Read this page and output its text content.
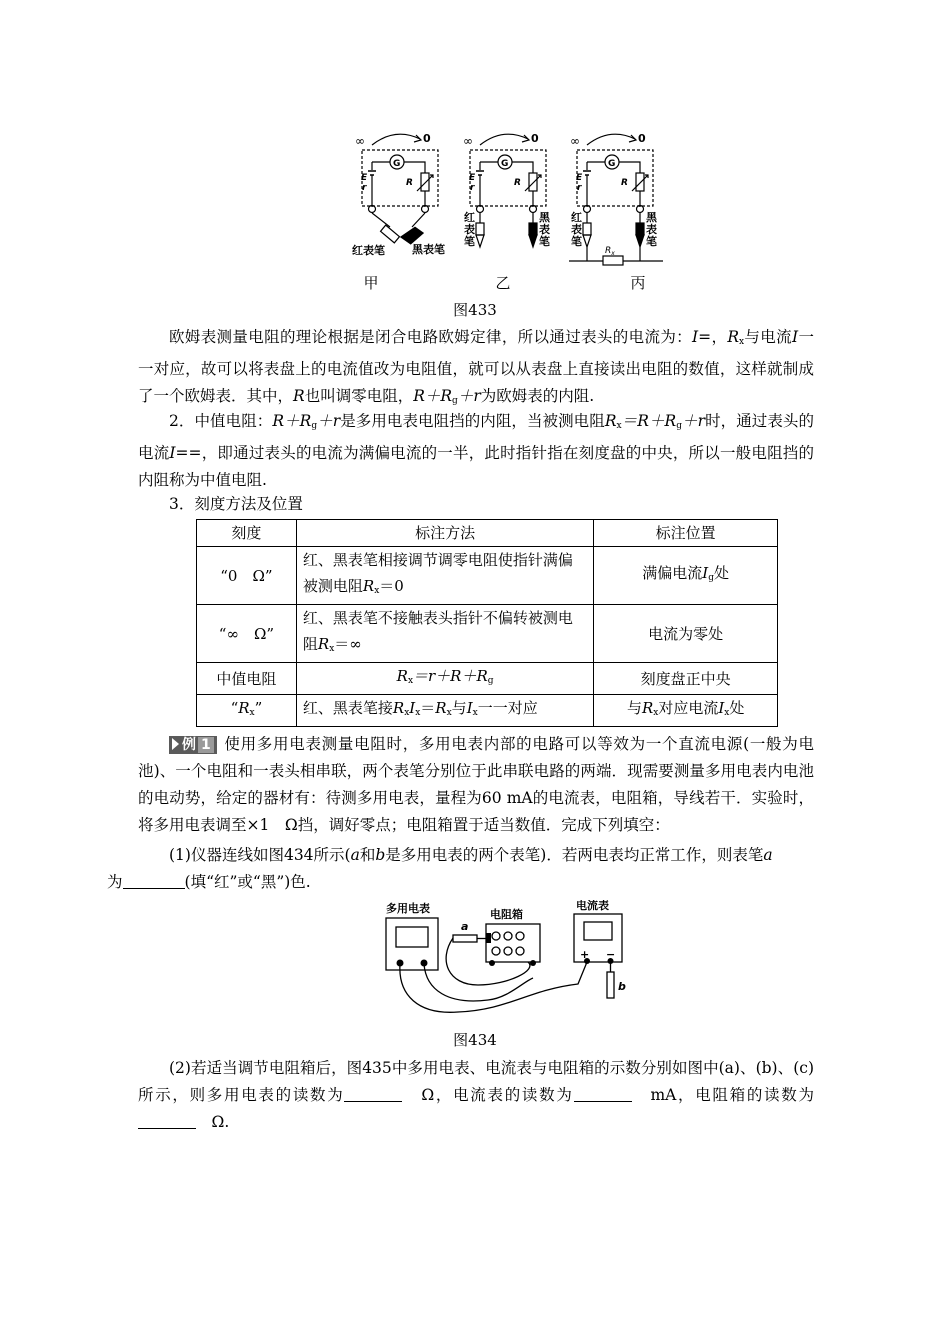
∞	0
G
E
r	R
红表笔 黑表笔
∞	0
G
E
r	R
红
表
笔
黑
表
笔
∞	0
G
E
r	R
红
表
笔
黑
表
笔
$R_x$
甲	乙	丙
图433
欧姆表测量电阻的理论根据是闭合电路欧姆定律，所以通过表头的电流为：I=，$R_x$与电流I一一对应，故可以将表盘上的电流值改为电阻值，就可以从表盘上直接读出电阻的数值，这样就制成了一个欧姆表．其中，R也叫调零电阻，$R+R_g+r$为欧姆表的内阻.
2．中值电阻：$R+R_g+r$是多用电表电阻挡的内阻，当被测电阻$R_x=R+R_g+r$时，通过表头的电流I==，即通过表头的电流为满偏电流的一半，此时指针指在刻度盘的中央，所以一般电阻挡的内阻称为中值电阻.
3．刻度方法及位置
刻度	标注方法	标注位置
“0　Ω”	红、黑表笔相接调节调零电阻使指针满偏被测电阻$R_x=0$	满偏电流$I_g$处
“∞　Ω”	红、黑表笔不接触表头指针不偏转被测电阻$R_x=\infty$	电流为零处
中值电阻	$R_x=r+R+R_g$	刻度盘正中央
“$R_x$”	红、黑表笔接$R_xI_x=R_x$与$I_x$一一对应	与$R_x$对应电流$I_x$处
例 1 使用多用电表测量电阻时，多用电表内部的电路可以等效为一个直流电源(一般为电池)、一个电阻和一表头相串联，两个表笔分别位于此串联电路的两端．现需要测量多用电表内电池的电动势，给定的器材有：待测多用电表，量程为60 mA的电流表，电阻箱，导线若干．实验时，将多用电表调至×1　Ω挡，调好零点；电阻箱置于适当数值．完成下列填空：
(1)仪器连线如图434所示(a和b是多用电表的两个表笔)．若两电表均正常工作，则表笔a
为	(填“红”或“黑”)色.
多用电表	电阻箱
电流表
a
b
+ −
图434
(2)若适当调节电阻箱后，图435中多用电表、电流表与电阻箱的示数分别如图中(a)、(b)、(c)所示，则多用电表的读数为　	Ω，电流表的读数为　	mA，电阻箱的读数为　Ω.
